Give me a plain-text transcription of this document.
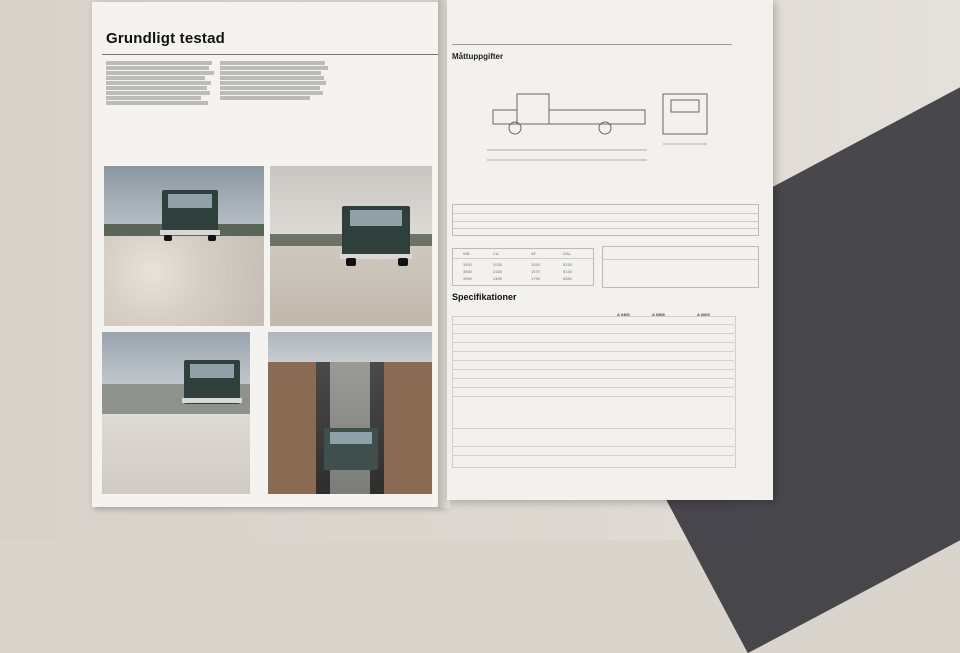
Grundligt testad
Måttuppgifter
WB	CA	AF	OAL
3300	2005	1040	5230
3660	2385	1570	6140
3960	2485	1790	6880
Specifikationer
A 0406	A 0508	A 0609
